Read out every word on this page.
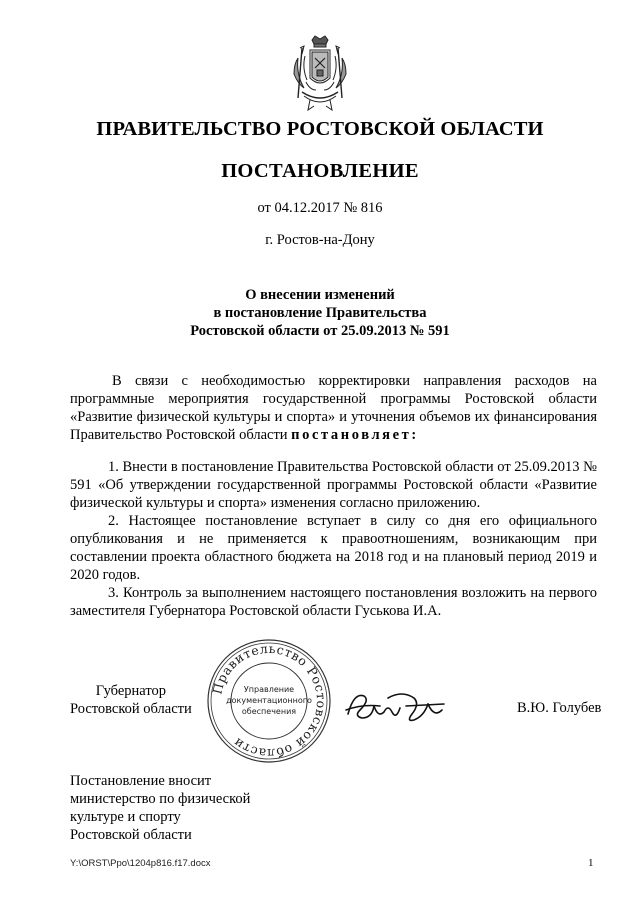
ПРАВИТЕЛЬСТВО РОСТОВСКОЙ ОБЛАСТИ
ПОСТАНОВЛЕНИЕ
от 04.12.2017 № 816
г. Ростов-на-Дону
О внесении изменений
в постановление Правительства
Ростовской области от 25.09.2013 № 591

В связи с необходимостью корректировки направления расходов на программные мероприятия государственной программы Ростовской области «Развитие физической культуры и спорта» и уточнения объемов их финансирования Правительство Ростовской области постановляет:

1. Внести в постановление Правительства Ростовской области от 25.09.2013 № 591 «Об утверждении государственной программы Ростовской области «Развитие физической культуры и спорта» изменения согласно приложению.

2. Настоящее постановление вступает в силу со дня его официального опубликования и не применяется к правоотношениям, возникающим при составлении проекта областного бюджета на 2018 год и на плановый период 2019 и 2020 годов.

3. Контроль за выполнением настоящего постановления возложить на первого заместителя Губернатора Ростовской области Гуськова И.А.

Губернатор
Ростовской области
Правительство Ростовской области
Управление
документационного
обеспечения	В.Ю. Голубев
Постановление вносит
министерство по физической
культуре и спорту
Ростовской области
Y:\ORST\Ppo\1204p816.f17.docx	1
